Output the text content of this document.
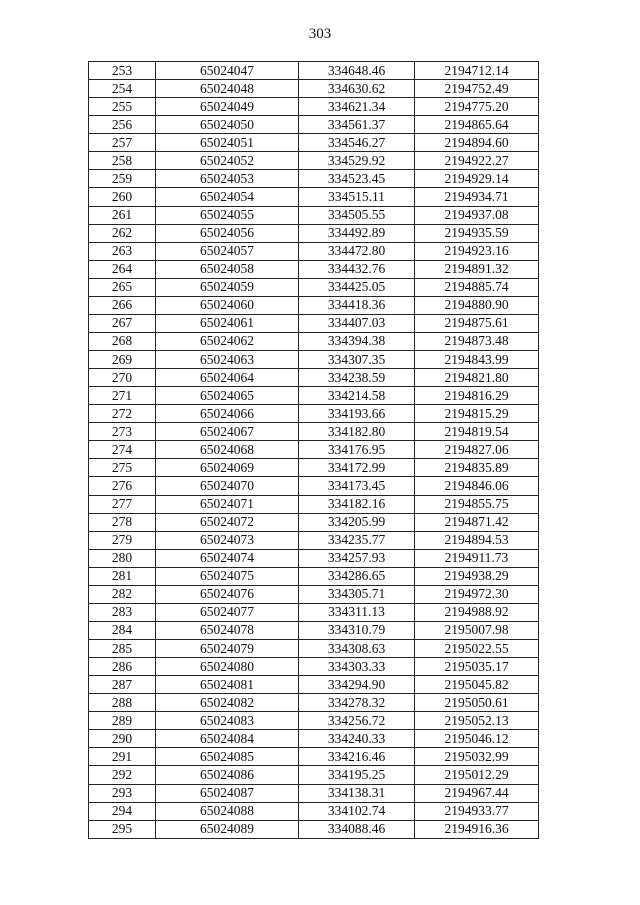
303
253	65024047	334648.46	2194712.14
254	65024048	334630.62	2194752.49
255	65024049	334621.34	2194775.20
256	65024050	334561.37	2194865.64
257	65024051	334546.27	2194894.60
258	65024052	334529.92	2194922.27
259	65024053	334523.45	2194929.14
260	65024054	334515.11	2194934.71
261	65024055	334505.55	2194937.08
262	65024056	334492.89	2194935.59
263	65024057	334472.80	2194923.16
264	65024058	334432.76	2194891.32
265	65024059	334425.05	2194885.74
266	65024060	334418.36	2194880.90
267	65024061	334407.03	2194875.61
268	65024062	334394.38	2194873.48
269	65024063	334307.35	2194843.99
270	65024064	334238.59	2194821.80
271	65024065	334214.58	2194816.29
272	65024066	334193.66	2194815.29
273	65024067	334182.80	2194819.54
274	65024068	334176.95	2194827.06
275	65024069	334172.99	2194835.89
276	65024070	334173.45	2194846.06
277	65024071	334182.16	2194855.75
278	65024072	334205.99	2194871.42
279	65024073	334235.77	2194894.53
280	65024074	334257.93	2194911.73
281	65024075	334286.65	2194938.29
282	65024076	334305.71	2194972.30
283	65024077	334311.13	2194988.92
284	65024078	334310.79	2195007.98
285	65024079	334308.63	2195022.55
286	65024080	334303.33	2195035.17
287	65024081	334294.90	2195045.82
288	65024082	334278.32	2195050.61
289	65024083	334256.72	2195052.13
290	65024084	334240.33	2195046.12
291	65024085	334216.46	2195032.99
292	65024086	334195.25	2195012.29
293	65024087	334138.31	2194967.44
294	65024088	334102.74	2194933.77
295	65024089	334088.46	2194916.36
